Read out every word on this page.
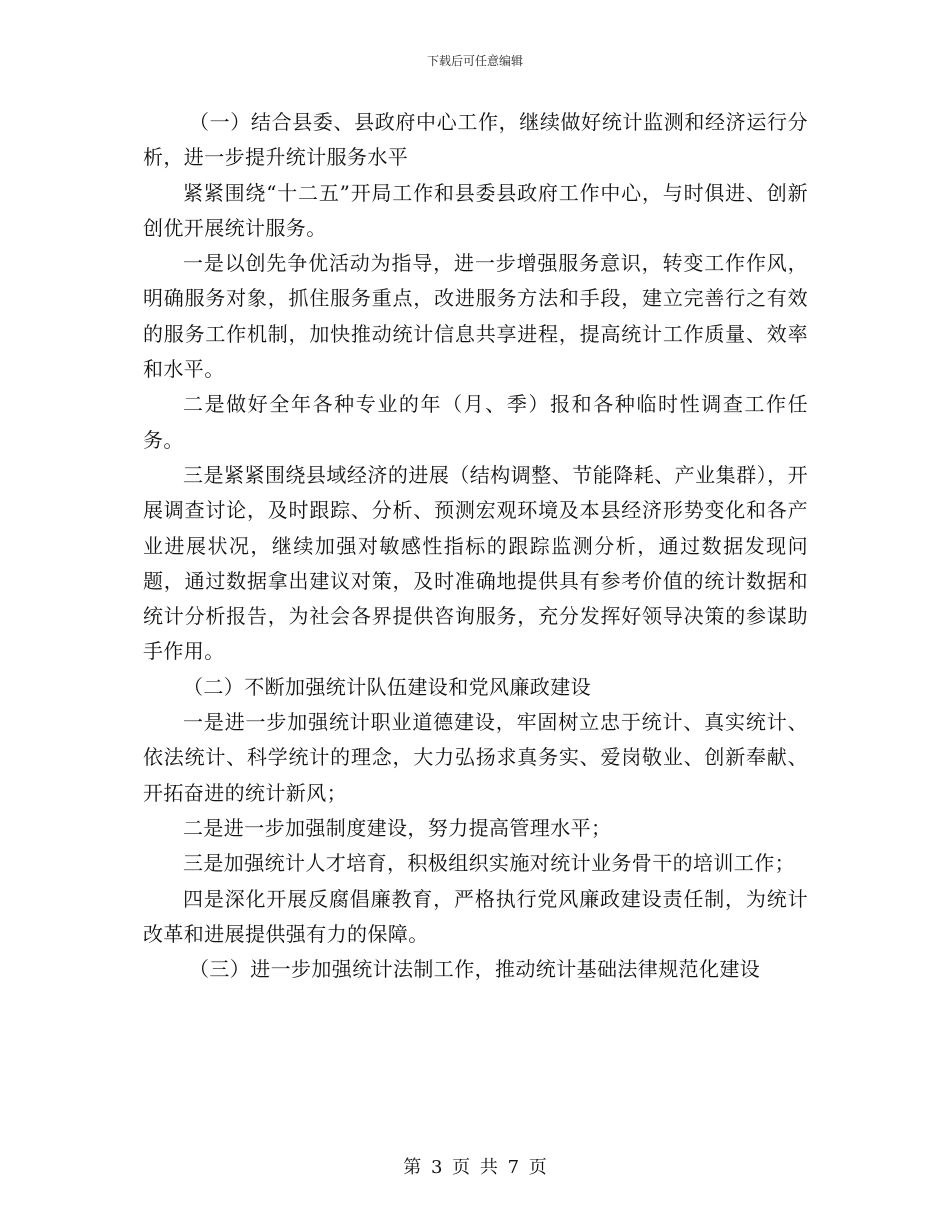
下载后可任意编辑

（一）结合县委、县政府中心工作，继续做好统计监测和经济运行分析，进一步提升统计服务水平

紧紧围绕“十二五”开局工作和县委县政府工作中心，与时俱进、创新创优开展统计服务。

一是以创先争优活动为指导，进一步增强服务意识，转变工作作风，明确服务对象，抓住服务重点，改进服务方法和手段，建立完善行之有效的服务工作机制，加快推动统计信息共享进程，提高统计工作质量、效率和水平。

二是做好全年各种专业的年（月、季）报和各种临时性调查工作任务。

三是紧紧围绕县域经济的进展（结构调整、节能降耗、产业集群），开展调查讨论，及时跟踪、分析、预测宏观环境及本县经济形势变化和各产业进展状况，继续加强对敏感性指标的跟踪监测分析，通过数据发现问题，通过数据拿出建议对策，及时准确地提供具有参考价值的统计数据和统计分析报告，为社会各界提供咨询服务，充分发挥好领导决策的参谋助手作用。

（二）不断加强统计队伍建设和党风廉政建设

一是进一步加强统计职业道德建设，牢固树立忠于统计、真实统计、依法统计、科学统计的理念，大力弘扬求真务实、爱岗敬业、创新奉献、开拓奋进的统计新风；

二是进一步加强制度建设，努力提高管理水平；

三是加强统计人才培育，积极组织实施对统计业务骨干的培训工作；

四是深化开展反腐倡廉教育，严格执行党风廉政建设责任制，为统计改革和进展提供强有力的保障。

（三）进一步加强统计法制工作，推动统计基础法律规范化建设

第 3 页 共 7 页
